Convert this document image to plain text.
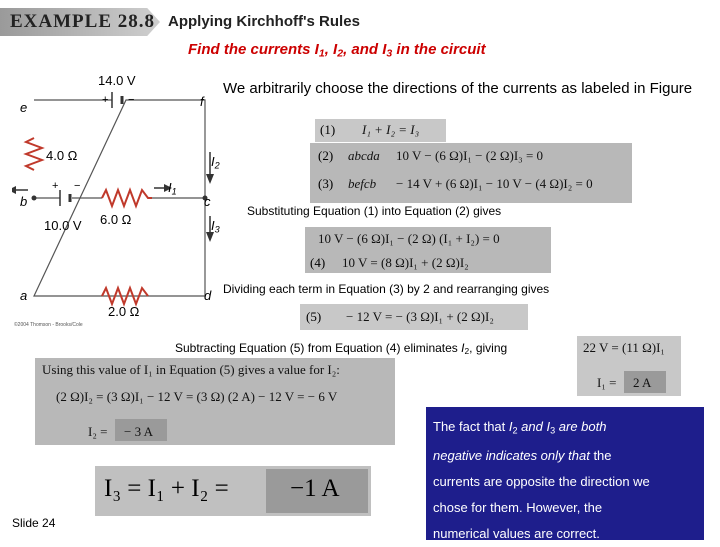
EXAMPLE 28.8 Applying Kirchhoff's Rules
Find the currents $I_1$, $I_2$, and $I_3$ in the circuit
We arbitrarily choose the directions of the currents as labeled in Figure
14.0 V
+ −
e	f
4.0 Ω	$I_2$
+ −	$I_1$
b	c
10.0 V 6.0 Ω	$I_3$
a	d
2.0 Ω
©2004 Thomson - Brooks/Cole
(1) I₁ + I₂ = I₃
(2) abcda 10 V − (6 Ω)I₁ − (2 Ω)I₃ = 0
(3) befcb − 14 V + (6 Ω)I₁ − 10 V − (4 Ω)I₂ = 0
Substituting Equation (1) into Equation (2) gives
10 V − (6 Ω)I₁ − (2 Ω) (I₁ + I₂) = 0
(4) 10 V = (8 Ω)I₁ + (2 Ω)I₂
Dividing each term in Equation (3) by 2 and rearranging gives
(5) − 12 V = − (3 Ω)I₁ + (2 Ω)I₂
Subtracting Equation (5) from Equation (4) eliminates $I_2$, giving	22 V = (11 Ω)I₁
I₁ = 2 A
Using this value of I₁ in Equation (5) gives a value for I₂:
(2 Ω)I₂ = (3 Ω)I₁ − 12 V = (3 Ω) (2 A) − 12 V = − 6 V
I₂ = − 3 A
I₃ = I₁ + I₂ = −1 A
The fact that $I_2$ and $I_3$ are both
negative indicates only that the
currents are opposite the direction we
chose for them. However, the
numerical values are correct.
Slide 24
